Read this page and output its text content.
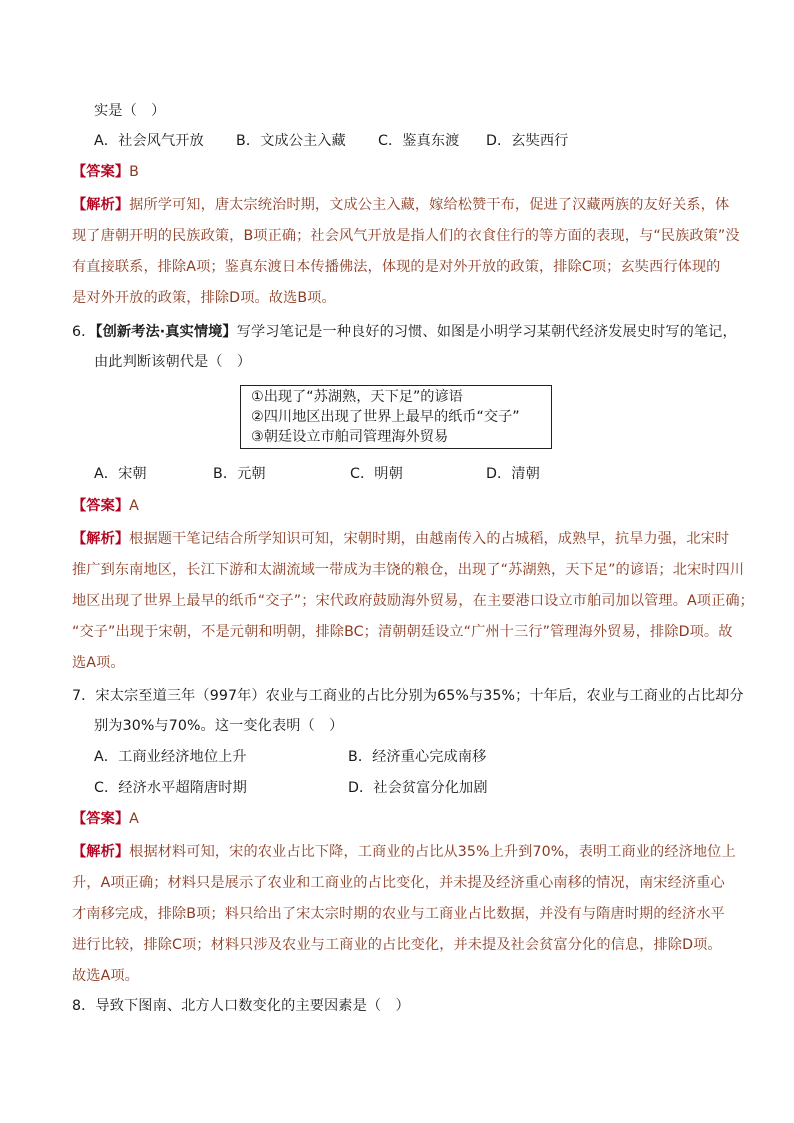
实是（　）
A．社会风气开放 B．文成公主入藏 C．鉴真东渡 D．玄奘西行
【答案】B
【解析】据所学可知，唐太宗统治时期，文成公主入藏，嫁给松赞干布，促进了汉藏两族的友好关系，体
现了唐朝开明的民族政策，B项正确；社会风气开放是指人们的衣食住行的等方面的表现，与“民族政策”没
有直接联系，排除A项；鉴真东渡日本传播佛法，体现的是对外开放的政策，排除C项；玄奘西行体现的
是对外开放的政策，排除D项。故选B项。
6．【创新考法·真实情境】写学习笔记是一种良好的习惯、如图是小明学习某朝代经济发展史时写的笔记，
由此判断该朝代是（　）
①出现了“苏湖熟，天下足”的谚语
②四川地区出现了世界上最早的纸币“交子”
③朝廷设立市舶司管理海外贸易
A．宋朝	B．元朝	C．明朝	D．清朝
【答案】A
【解析】根据题干笔记结合所学知识可知，宋朝时期，由越南传入的占城稻，成熟早，抗旱力强，北宋时
推广到东南地区，长江下游和太湖流域一带成为丰饶的粮仓，出现了“苏湖熟，天下足”的谚语；北宋时四川
地区出现了世界上最早的纸币“交子”；宋代政府鼓励海外贸易，在主要港口设立市舶司加以管理。A项正确；
“交子”出现于宋朝，不是元朝和明朝，排除BC；清朝朝廷设立“广州十三行”管理海外贸易，排除D项。故
选A项。
7．宋太宗至道三年（997年）农业与工商业的占比分别为65%与35%；十年后，农业与工商业的占比却分
别为30%与70%。这一变化表明（　）
A．工商业经济地位上升	B．经济重心完成南移
C．经济水平超隋唐时期	D．社会贫富分化加剧
【答案】A
【解析】根据材料可知，宋的农业占比下降，工商业的占比从35%上升到70%，表明工商业的经济地位上
升，A项正确；材料只是展示了农业和工商业的占比变化，并未提及经济重心南移的情况，南宋经济重心
才南移完成，排除B项；料只给出了宋太宗时期的农业与工商业占比数据，并没有与隋唐时期的经济水平
进行比较，排除C项；材料只涉及农业与工商业的占比变化，并未提及社会贫富分化的信息，排除D项。
故选A项。
8．导致下图南、北方人口数变化的主要因素是（　）
